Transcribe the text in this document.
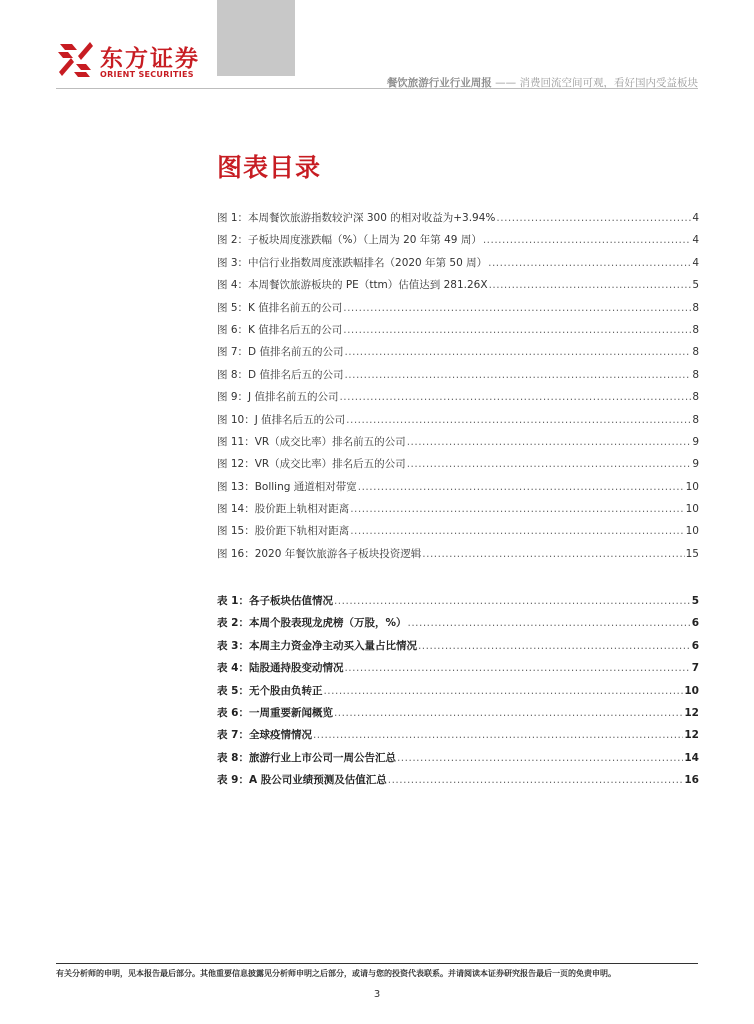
东方证券
ORIENT SECURITIES
餐饮旅游行业行业周报 —— 消费回流空间可观，看好国内受益板块
图表目录
图 1：本周餐饮旅游指数较沪深 300 的相对收益为+3.94% .....	4
图 2：子板块周度涨跌幅（%）（上周为 20 年第 49 周） .....	4
图 3：中信行业指数周度涨跌幅排名（2020 年第 50 周） .....	4
图 4：本周餐饮旅游板块的 PE（ttm）估值达到 281.26X .....	5
图 5：K 值排名前五的公司 .....	8
图 6：K 值排名后五的公司 .....	8
图 7：D 值排名前五的公司 .....	8
图 8：D 值排名后五的公司 .....	8
图 9：J 值排名前五的公司 .....	8
图 10：J 值排名后五的公司 .....	8
图 11：VR（成交比率）排名前五的公司 .....	9
图 12：VR（成交比率）排名后五的公司 .....	9
图 13：Bolling 通道相对带宽 .....	10
图 14：股价距上轨相对距离 .....	10
图 15：股价距下轨相对距离 .....	10
图 16：2020 年餐饮旅游各子板块投资逻辑 .....	15
表 1：各子板块估值情况 .....	5
表 2：本周个股表现龙虎榜（万股，%） .....	6
表 3：本周主力资金净主动买入量占比情况 .....	6
表 4：陆股通持股变动情况 .....	7
表 5：无个股由负转正 .....	10
表 6：一周重要新闻概览 .....	12
表 7：全球疫情情况 .....	12
表 8：旅游行业上市公司一周公告汇总 .....	14
表 9：A 股公司业绩预测及估值汇总 .....	16
有关分析师的申明，见本报告最后部分。其他重要信息披露见分析师申明之后部分，或请与您的投资代表联系。并请阅读本证券研究报告最后一页的免责申明。
3
